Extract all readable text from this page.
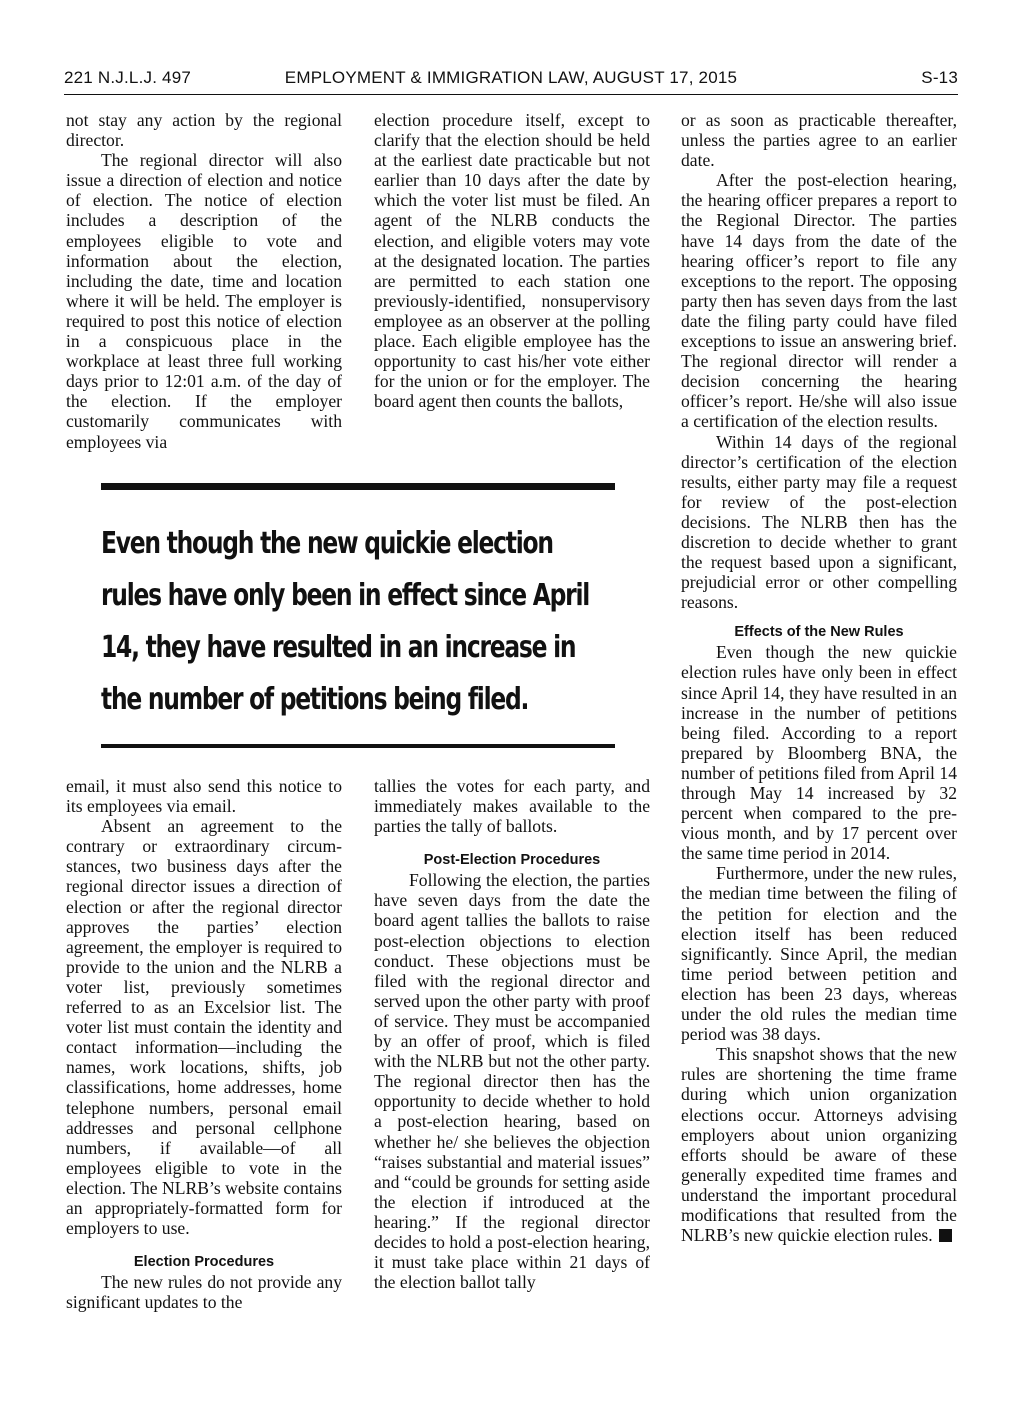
221 N.J.L.J. 497	EMPLOYMENT & IMMIGRATION LAW, AUGUST 17, 2015	S-13

not stay any action by the regional director.

The regional director will also issue a direction of election and notice of election. The notice of election includes a description of the employees eligible to vote and information about the election, including the date, time and location where it will be held. The employer is required to post this notice of election in a conspicuous place in the workplace at least three full working days prior to 12:01 a.m. of the day of the election. If the employer customarily communicates with employees via

election procedure itself, except to clarify that the election should be held at the earliest date practicable but not earlier than 10 days after the date by which the voter list must be filed. An agent of the NLRB conducts the election, and eligible voters may vote at the designated location. The parties are permitted to each station one previously-identified, nonsupervisory employee as an observer at the polling place. Each eligible employee has the opportunity to cast his/her vote either for the union or for the employer. The board agent then counts the ballots,

Even though the new quickie election rules have only been in effect since April 14, they have resulted in an increase in the number of petitions being filed.

email, it must also send this notice to its employees via email.

Absent an agreement to the contrary or extraordinary circumstances, two business days after the regional director issues a direction of election or after the regional director approves the parties’ election agreement, the employer is required to provide to the union and the NLRB a voter list, previously sometimes referred to as an Excelsior list. The voter list must contain the identity and contact information—including the names, work locations, shifts, job classifications, home addresses, home telephone numbers, personal email addresses and personal cellphone numbers, if available—of all employees eligible to vote in the election. The NLRB’s website contains an appropriately-formatted form for employers to use.

Election Procedures

The new rules do not provide any significant updates to the

tallies the votes for each party, and immediately makes available to the parties the tally of ballots.

Post-Election Procedures

Following the election, the parties have seven days from the date the board agent tallies the ballots to raise post-election objections to election conduct. These objections must be filed with the regional director and served upon the other party with proof of service. They must be accompanied by an offer of proof, which is filed with the NLRB but not the other party. The regional director then has the opportunity to decide whether to hold a post-election hearing, based on whether he/ she believes the objection “raises substantial and material issues” and “could be grounds for setting aside the election if introduced at the hearing.” If the regional director decides to hold a post-election hearing, it must take place within 21 days of the election ballot tally

or as soon as practicable thereafter, unless the parties agree to an earlier date.

After the post-election hearing, the hearing officer prepares a report to the Regional Director. The parties have 14 days from the date of the hearing officer’s report to file any exceptions to the report. The opposing party then has seven days from the last date the filing party could have filed exceptions to issue an answering brief. The regional director will render a decision concerning the hearing officer’s report. He/she will also issue a certification of the election results.

Within 14 days of the regional director’s certification of the election results, either party may file a request for review of the post-election decisions. The NLRB then has the discretion to decide whether to grant the request based upon a significant, prejudicial error or other compelling reasons.

Effects of the New Rules

Even though the new quickie election rules have only been in effect since April 14, they have resulted in an increase in the number of petitions being filed. According to a report prepared by Bloomberg BNA, the number of petitions filed from April 14 through May 14 increased by 32 percent when compared to the previous month, and by 17 percent over the same time period in 2014.

Furthermore, under the new rules, the median time between the filing of the petition for election and the election itself has been reduced significantly. Since April, the median time period between petition and election has been 23 days, whereas under the old rules the median time period was 38 days.

This snapshot shows that the new rules are shortening the time frame during which union organization elections occur. Attorneys advising employers about union organizing efforts should be aware of these generally expedited time frames and understand the important procedural modifications that resulted from the NLRB’s new quickie election rules.
